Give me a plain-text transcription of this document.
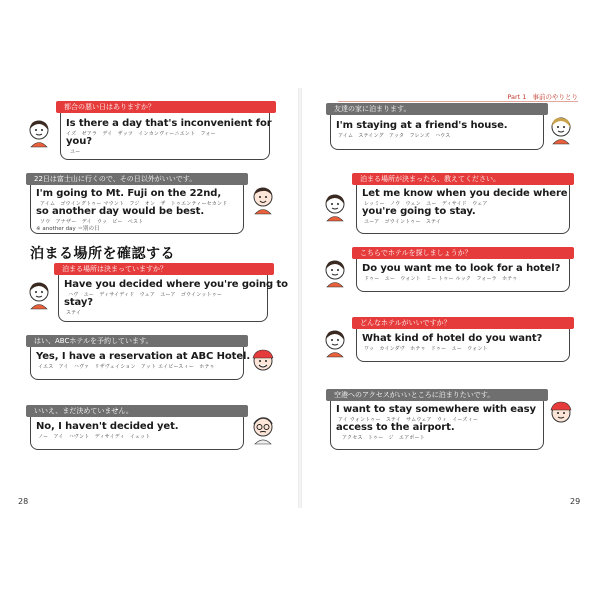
Part 1 事前のやりとり
都合の悪い日はありますか？
Is there a day that's inconvenient for
イズ　ゼアラ　デイ　ザッツ　インカンヴィーニエント　フォー
you?
ユー
22日は富士山に行くので、その日以外がいいです。
I'm going to Mt. Fuji on the 22nd,
アイム　ゴウイングトゥー マウント　フジ　オン　ザ　トゥエンティーセカンド
so another day would be best.
ソウ　アナザー　デイ　ウッ　ビー　ベスト
※ another day ＝別の日
泊まる場所を確認する
泊まる場所は決まっていますか？
Have you decided where you're going to
ハヴ　ユー　ディサイディド　ウェア　ユーア　ゴウインットゥー
stay?
ステイ
はい、ABCホテルを予約しています。
Yes, I have a reservation at ABC Hotel.
イエス　アイ　ハヴァ　リザヴェイション　アット エイビースィー　ホテゥ
いいえ、まだ決めていません。
No, I haven't decided yet.
ノー　アイ　ハヴント　ディサイディ　イェット
28
友達の家に泊まります。
I'm staying at a friend's house.
アイム　ステイング　アッタ　フレンズ　ハウス
泊まる場所が決まったら、教えてください。
Let me know when you decide where
レッミー　ノウ　ウェン　ユー　ディサイド　ウェア
you're going to stay.
ユーア　ゴウイントゥー　ステイ
こちらでホテルを探しましょうか？
Do you want me to look for a hotel?
ドゥー　ユー　ウォント　ミー トゥー ルック　フォーラ　ホテゥ
どんなホテルがいいですか？
What kind of hotel do you want?
ワッ　カインダヴ　ホテゥ　ドゥー　ユー　ウォント
空港へのアクセスがいいところに泊まりたいです。
I want to stay somewhere with easy
アイ ウォントゥー　ステイ　サムウェア　ウィ　イーズィー
access to the airport.
アクセス　トゥー　ジ　エアポート
29
